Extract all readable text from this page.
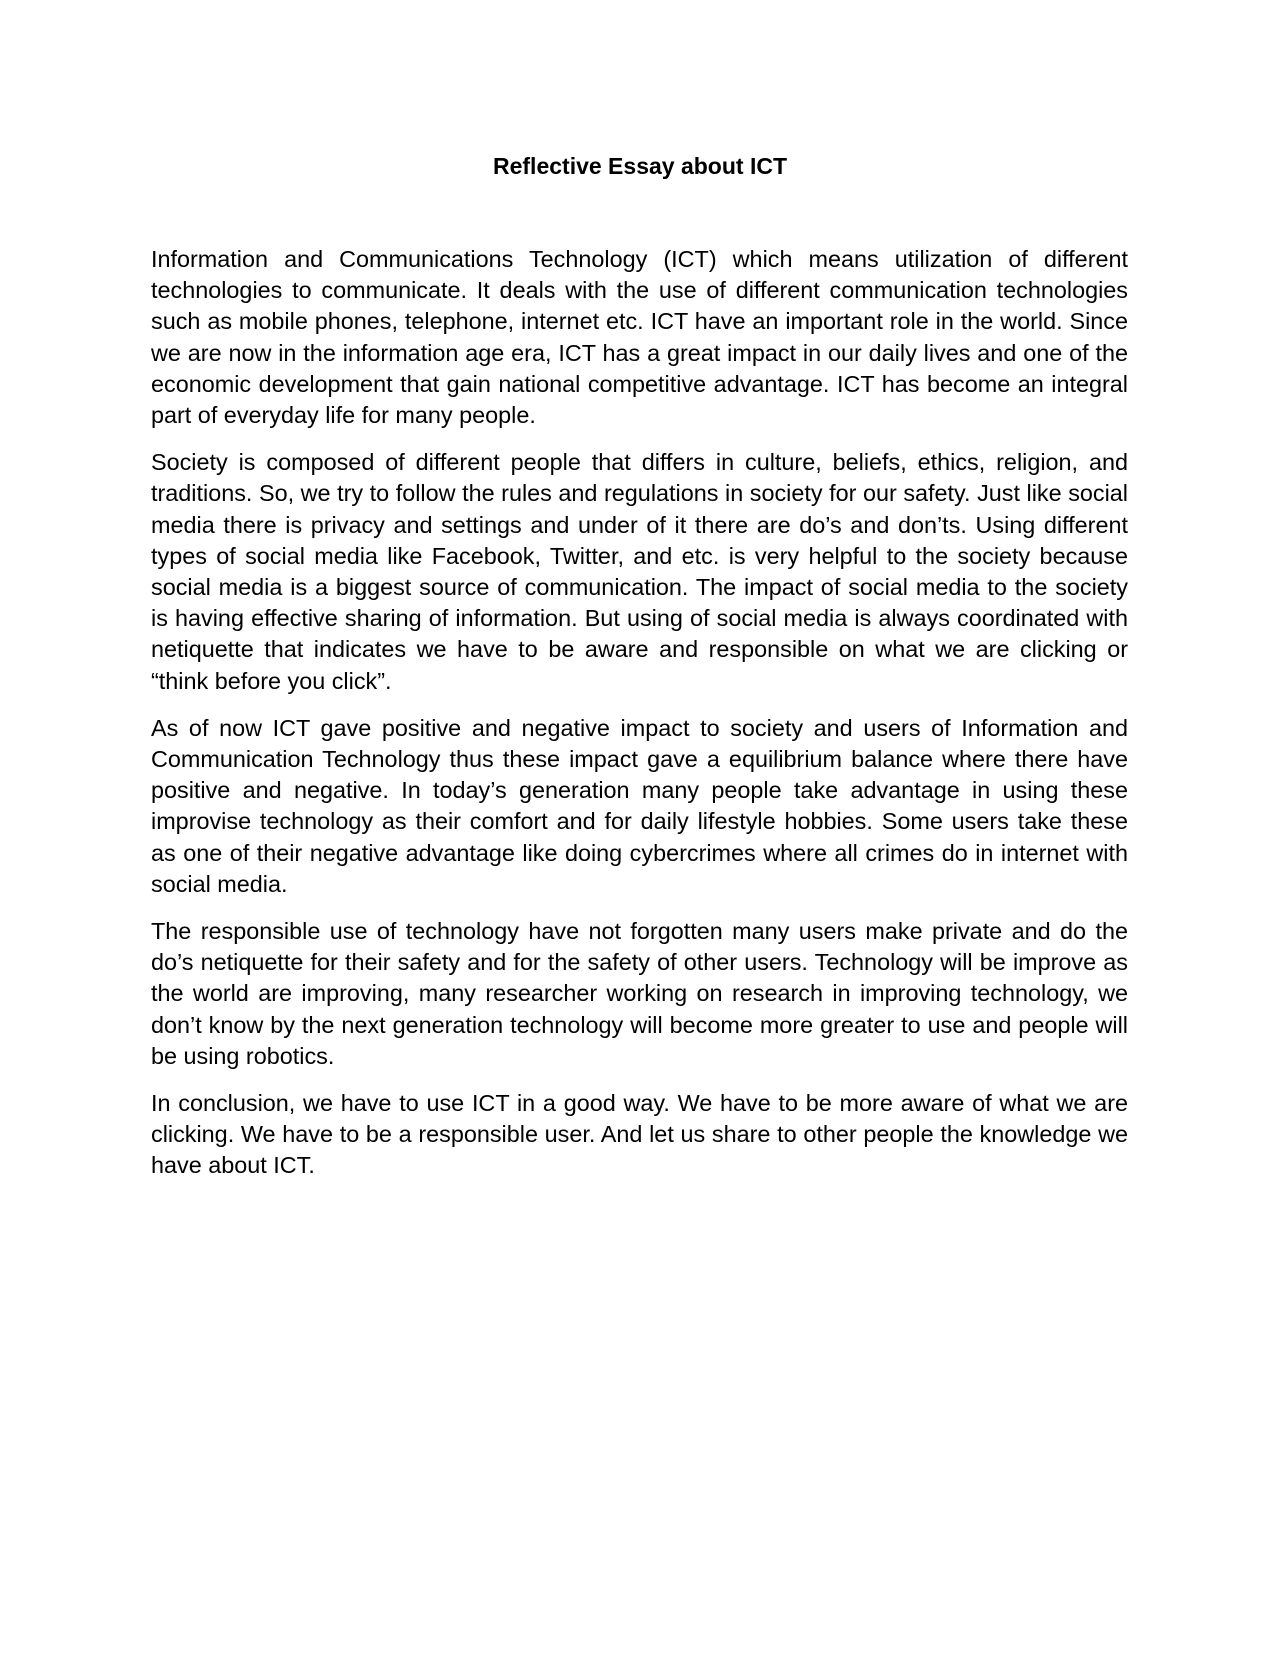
Reflective Essay about ICT

Information and Communications Technology (ICT) which means utilization of different technologies to communicate. It deals with the use of different communication technologies such as mobile phones, telephone, internet etc. ICT have an important role in the world. Since we are now in the information age era, ICT has a great impact in our daily lives and one of the economic development that gain national competitive advantage. ICT has become an integral part of everyday life for many people.

Society is composed of different people that differs in culture, beliefs, ethics, religion, and traditions. So, we try to follow the rules and regulations in society for our safety. Just like social media there is privacy and settings and under of it there are do’s and don’ts. Using different types of social media like Facebook, Twitter, and etc. is very helpful to the society because social media is a biggest source of communication. The impact of social media to the society is having effective sharing of information. But using of social media is always coordinated with netiquette that indicates we have to be aware and responsible on what we are clicking or “think before you click”.

As of now ICT gave positive and negative impact to society and users of Information and Communication Technology thus these impact gave a equilibrium balance where there have positive and negative. In today’s generation many people take advantage in using these improvise technology as their comfort and for daily lifestyle hobbies. Some users take these as one of their negative advantage like doing cybercrimes where all crimes do in internet with social media.

The responsible use of technology have not forgotten many users make private and do the do’s netiquette for their safety and for the safety of other users. Technology will be improve as the world are improving, many researcher working on research in improving technology, we don’t know by the next generation technology will become more greater to use and people will be using robotics.

In conclusion, we have to use ICT in a good way. We have to be more aware of what we are clicking. We have to be a responsible user. And let us share to other people the knowledge we have about ICT.
